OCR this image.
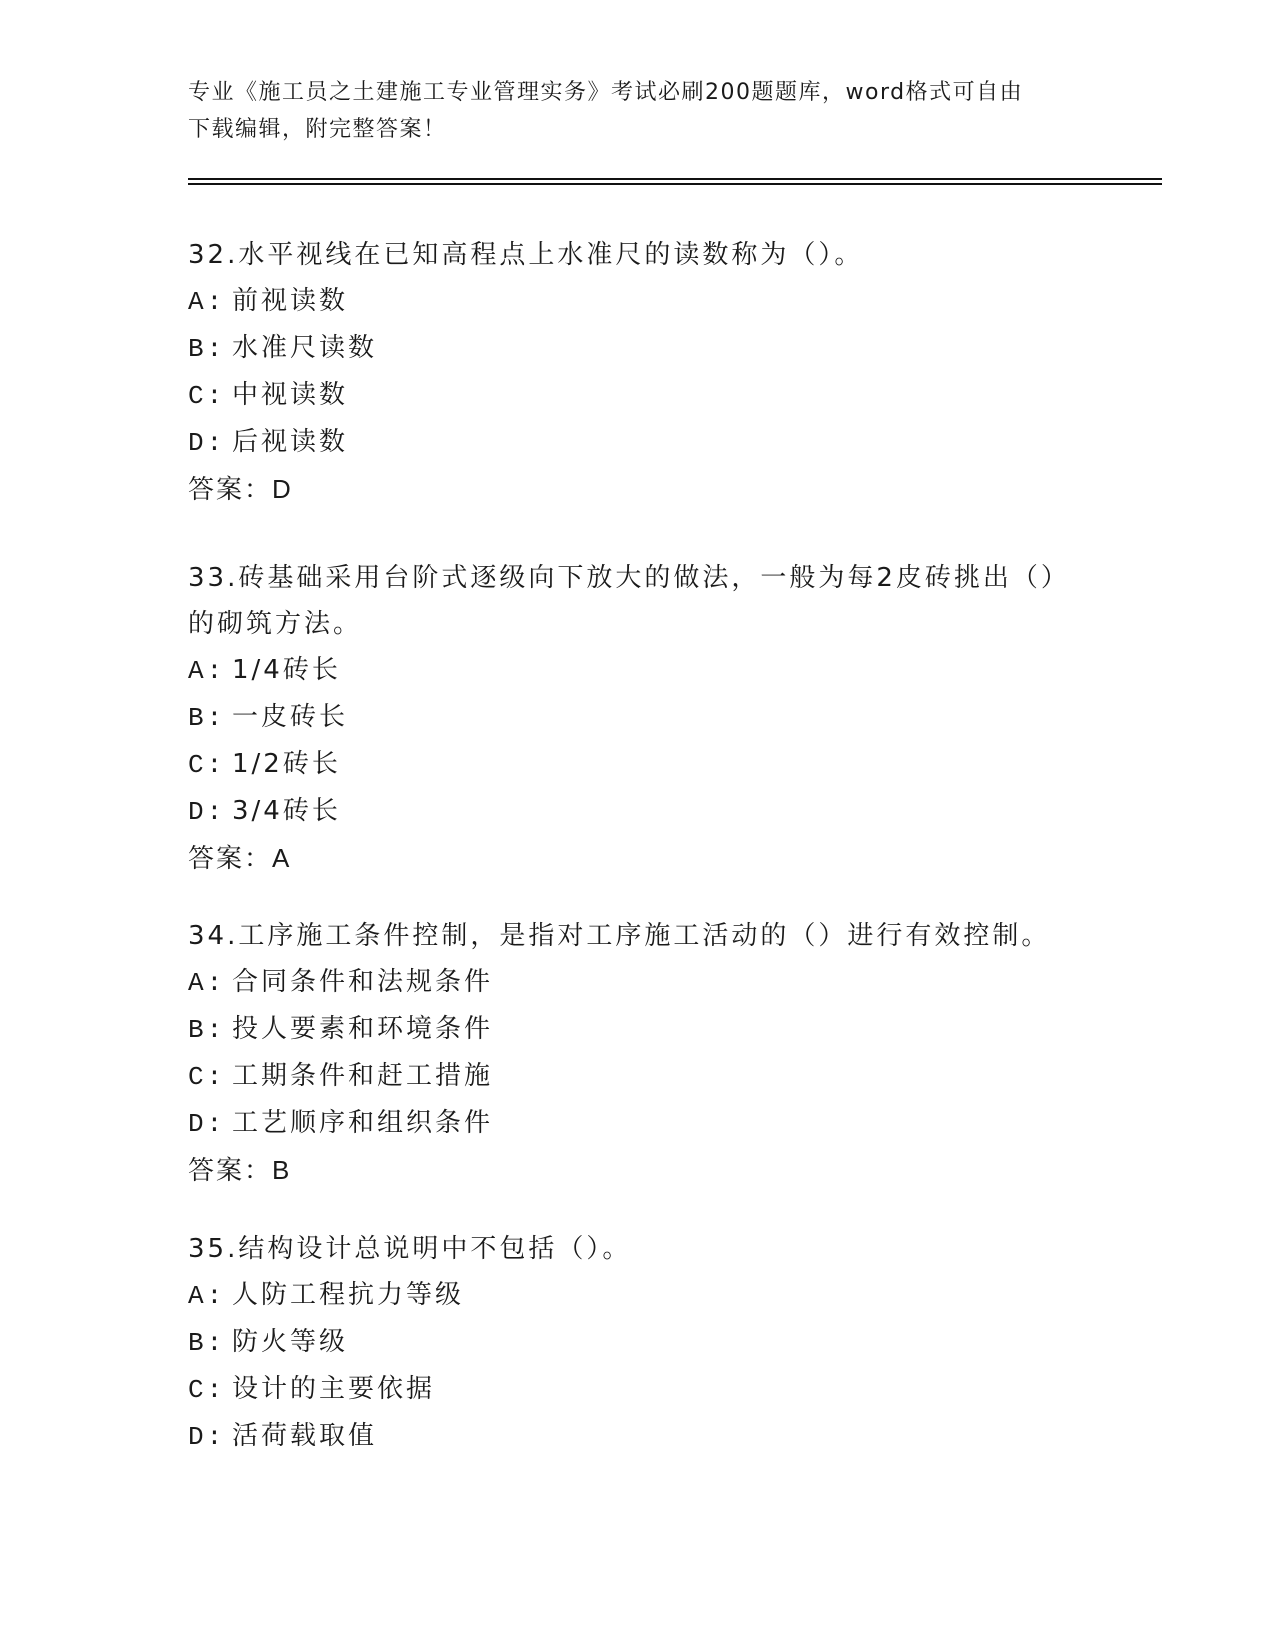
专业《施工员之土建施工专业管理实务》考试必刷200题题库，word格式可自由
下载编辑，附完整答案！
32.水平视线在已知高程点上水准尺的读数称为（）。
A: 前视读数
B: 水准尺读数
C: 中视读数
D: 后视读数
答案：D
33.砖基础采用台阶式逐级向下放大的做法，一般为每2皮砖挑出（）
的砌筑方法。
A: 1/4砖长
B: 一皮砖长
C: 1/2砖长
D: 3/4砖长
答案：A
34.工序施工条件控制，是指对工序施工活动的（）进行有效控制。
A: 合同条件和法规条件
B: 投人要素和环境条件
C: 工期条件和赶工措施
D: 工艺顺序和组织条件
答案：B
35.结构设计总说明中不包括（）。
A: 人防工程抗力等级
B: 防火等级
C: 设计的主要依据
D: 活荷载取值
